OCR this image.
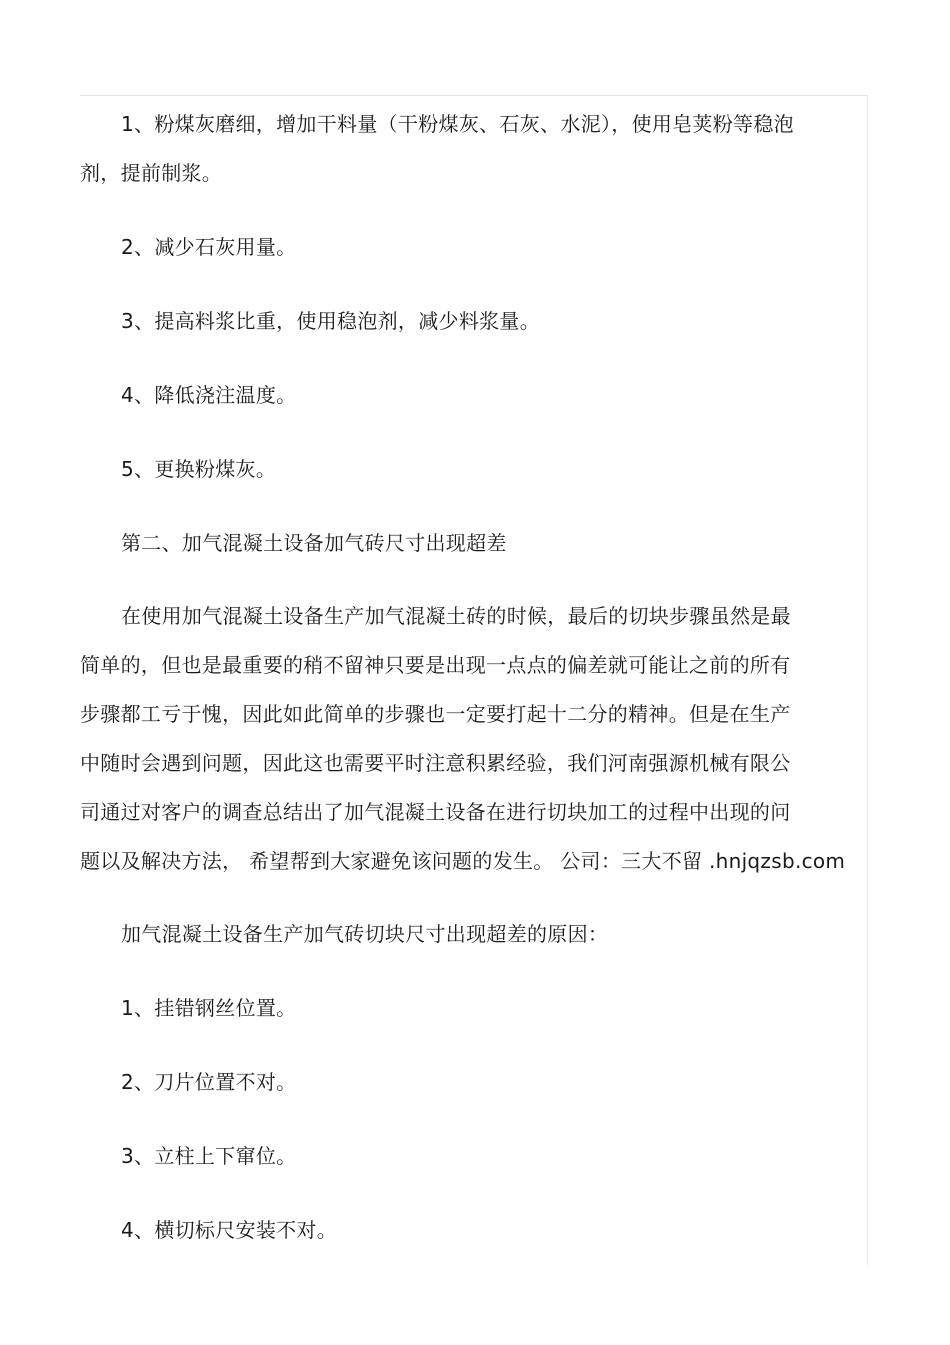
1、粉煤灰磨细，增加干料量（干粉煤灰、石灰、水泥），使用皂荚粉等稳泡
剂，提前制浆。

2、减少石灰用量。

3、提高料浆比重，使用稳泡剂，减少料浆量。

4、降低浇注温度。

5、更换粉煤灰。

第二、加气混凝土设备加气砖尺寸出现超差

在使用加气混凝土设备生产加气混凝土砖的时候，最后的切块步骤虽然是最
简单的，但也是最重要的稍不留神只要是出现一点点的偏差就可能让之前的所有
步骤都工亏于愧，因此如此简单的步骤也一定要打起十二分的精神。但是在生产
中随时会遇到问题，因此这也需要平时注意积累经验，我们河南强源机械有限公
司通过对客户的调查总结出了加气混凝土设备在进行切块加工的过程中出现的问
题以及解决方法， 希望帮到大家避免该问题的发生。 公司：三大不留 .hnjqzsb.com

加气混凝土设备生产加气砖切块尺寸出现超差的原因：

1、挂错钢丝位置。

2、刀片位置不对。

3、立柱上下窜位。

4、横切标尺安装不对。
